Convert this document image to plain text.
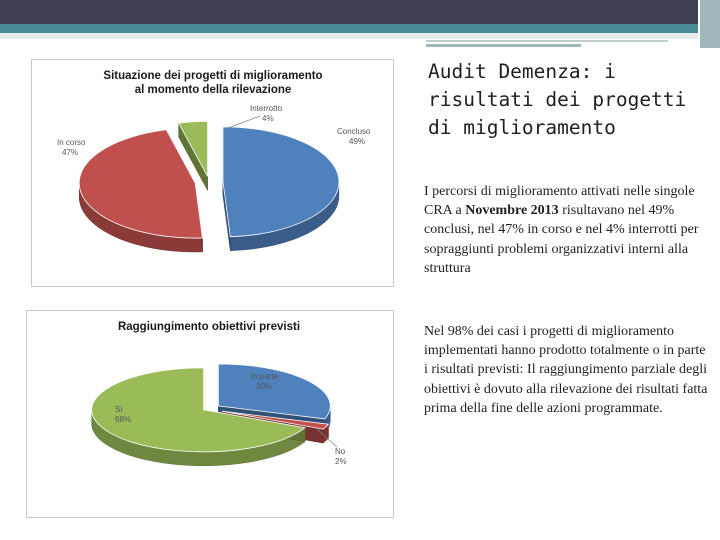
Situazione dei progetti di miglioramento
al momento della rilevazione
Concluso
49%
In corso
47%
Interrotto
4%
Raggiungimento obiettivi previsti
In parte
30%
No
2%
Sì
68%
Audit Demenza: i risultati dei progetti di miglioramento

I percorsi di miglioramento attivati nelle singole CRA a Novembre 2013 risultavano nel 49% conclusi, nel 47% in corso e nel 4% interrotti per sopraggiunti problemi organizzativi interni alla struttura

Nel 98% dei casi i progetti di miglioramento implementati hanno prodotto totalmente o in parte i risultati previsti: Il raggiungimento parziale degli obiettivi è dovuto alla rilevazione dei risultati fatta prima della fine delle azioni programmate.
